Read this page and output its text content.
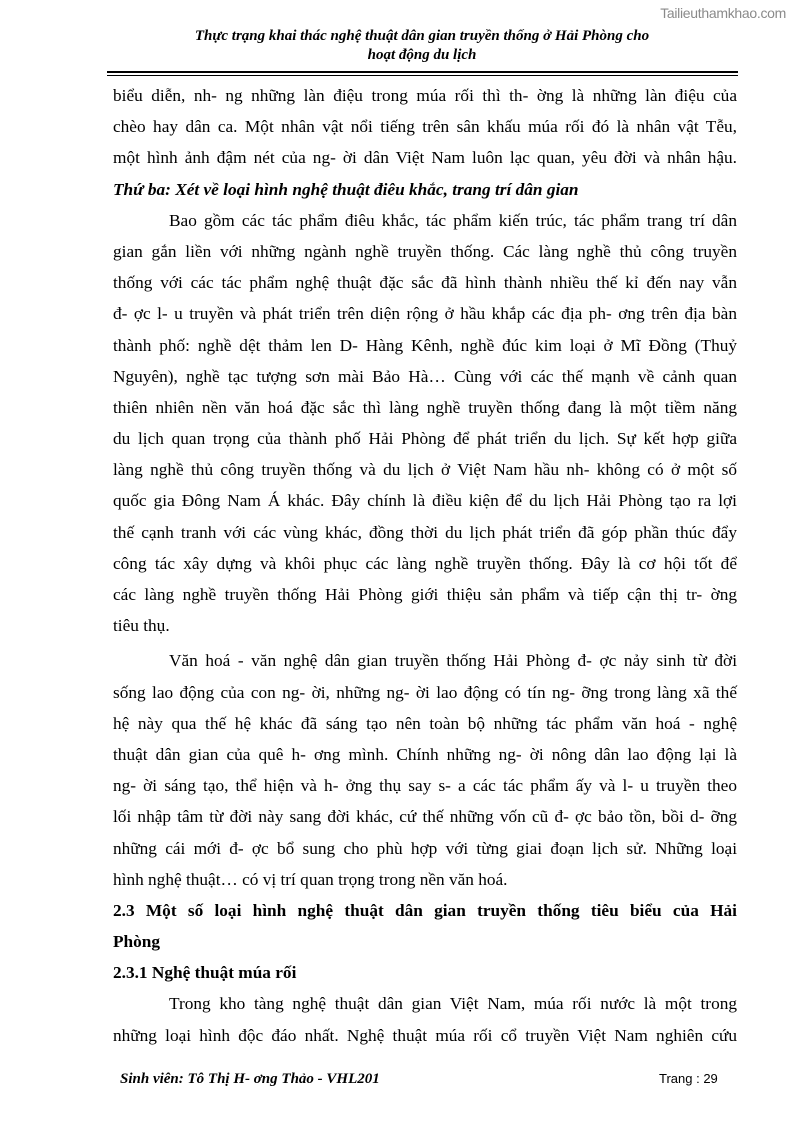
Tailieuthamkhao.com
Thực trạng khai thác nghệ thuật dân gian truyền thống ở Hải Phòng cho
hoạt động du lịch
biểu diễn, nh- ng những làn điệu trong múa rối thì th- ờng là những làn điệu của
chèo hay dân ca. Một nhân vật nổi tiếng trên sân khấu múa rối đó là nhân vật Tễu,
một hình ảnh đậm nét của ng- ời dân Việt Nam luôn lạc quan, yêu đời và nhân hậu.
Thứ ba: Xét về loại hình nghệ thuật điêu khắc, trang trí dân gian
Bao gồm các tác phẩm điêu khắc, tác phẩm kiến trúc, tác phẩm trang trí dân
gian gắn liền với những ngành nghề truyền thống. Các làng nghề thủ công truyền
thống với các tác phẩm nghệ thuật đặc sắc đã hình thành nhiều thế kỉ đến nay vẫn
đ- ợc l- u truyền và phát triển trên diện rộng ở hầu khắp các địa ph- ơng trên địa bàn
thành phố: nghề dệt thảm len D- Hàng Kênh, nghề đúc kim loại ở Mĩ Đồng (Thuỷ
Nguyên), nghề tạc tượng sơn mài Bảo Hà… Cùng với các thế mạnh về cảnh quan
thiên nhiên nền văn hoá đặc sắc thì làng nghề truyền thống đang là một tiềm năng
du lịch quan trọng của thành phố Hải Phòng để phát triển du lịch. Sự kết hợp giữa
làng nghề thủ công truyền thống và du lịch ở Việt Nam hầu nh- không có ở một số
quốc gia Đông Nam Á khác. Đây chính là điều kiện để du lịch Hải Phòng tạo ra lợi
thế cạnh tranh với các vùng khác, đồng thời du lịch phát triển đã góp phần thúc đẩy
công tác xây dựng và khôi phục các làng nghề truyền thống. Đây là cơ hội tốt để
các làng nghề truyền thống Hải Phòng giới thiệu sản phẩm và tiếp cận thị tr- ờng
tiêu thụ.
Văn hoá - văn nghệ dân gian truyền thống Hải Phòng đ- ợc nảy sinh từ đời
sống lao động của con ng- ời, những ng- ời lao động có tín ng- ỡng trong làng xã thế
hệ này qua thế hệ khác đã sáng tạo nên toàn bộ những tác phẩm văn hoá - nghệ
thuật dân gian của quê h- ơng mình. Chính những ng- ời nông dân lao động lại là
ng- ời sáng tạo, thể hiện và h- ởng thụ say s- a các tác phẩm ấy và l- u truyền theo
lối nhập tâm từ đời này sang đời khác, cứ thế những vốn cũ đ- ợc bảo tồn, bồi d- ỡng
những cái mới đ- ợc bổ sung cho phù hợp với từng giai đoạn lịch sử. Những loại
hình nghệ thuật… có vị trí quan trọng trong nền văn hoá.
2.3 Một số loại hình nghệ thuật dân gian truyền thống tiêu biểu của Hải
Phòng
2.3.1 Nghệ thuật múa rối
Trong kho tàng nghệ thuật dân gian Việt Nam, múa rối nước là một trong
những loại hình độc đáo nhất. Nghệ thuật múa rối cổ truyền Việt Nam nghiên cứu
Sinh viên: Tô Thị H- ơng Thảo - VHL201	Trang : 29
